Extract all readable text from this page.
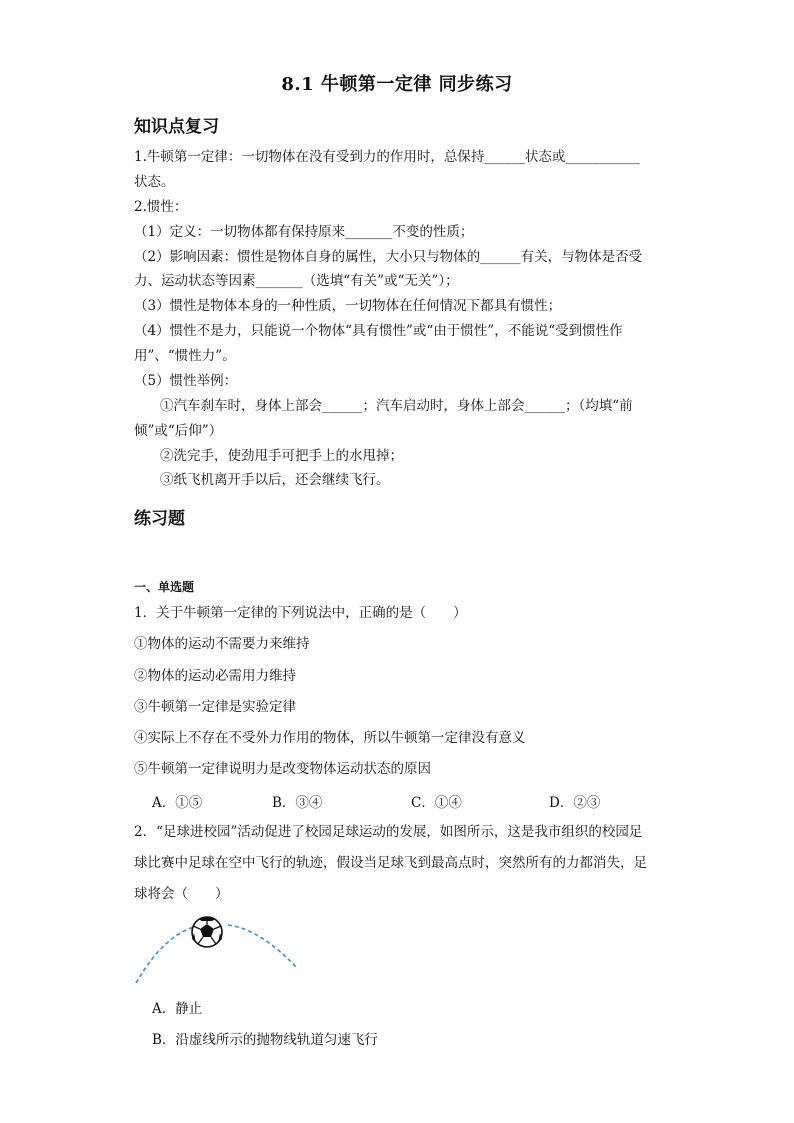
8.1 牛顿第一定律 同步练习
知识点复习
1.牛顿第一定律：一切物体在没有受到力的作用时，总保持______状态或___________
状态。
2.惯性：
（1）定义：一切物体都有保持原来_______不变的性质；
（2）影响因素：惯性是物体自身的属性，大小只与物体的______有关，与物体是否受
力、运动状态等因素_______（选填“有关”或“无关”）；
（3）惯性是物体本身的一种性质，一切物体在任何情况下都具有惯性；
（4）惯性不是力，只能说一个物体“具有惯性”或“由于惯性”，不能说“受到惯性作
用”、“惯性力”。
（5）惯性举例：
①汽车刹车时，身体上部会______；汽车启动时，身体上部会______；（均填“前
倾”或“后仰”）
②洗完手，使劲甩手可把手上的水甩掉；
③纸飞机离开手以后，还会继续飞行。
练习题
一、单选题
1．关于牛顿第一定律的下列说法中，正确的是（　　）
①物体的运动不需要力来维持
②物体的运动必需用力维持
③牛顿第一定律是实验定律
④实际上不存在不受外力作用的物体，所以牛顿第一定律没有意义
⑤牛顿第一定律说明力是改变物体运动状态的原因
A．①⑤	B．③④	C．①④	D．②③
2．“足球进校园”活动促进了校园足球运动的发展，如图所示，这是我市组织的校园足
球比赛中足球在空中飞行的轨迹，假设当足球飞到最高点时，突然所有的力都消失，足
球将会（　　）
A．静止
B．沿虚线所示的抛物线轨道匀速飞行
